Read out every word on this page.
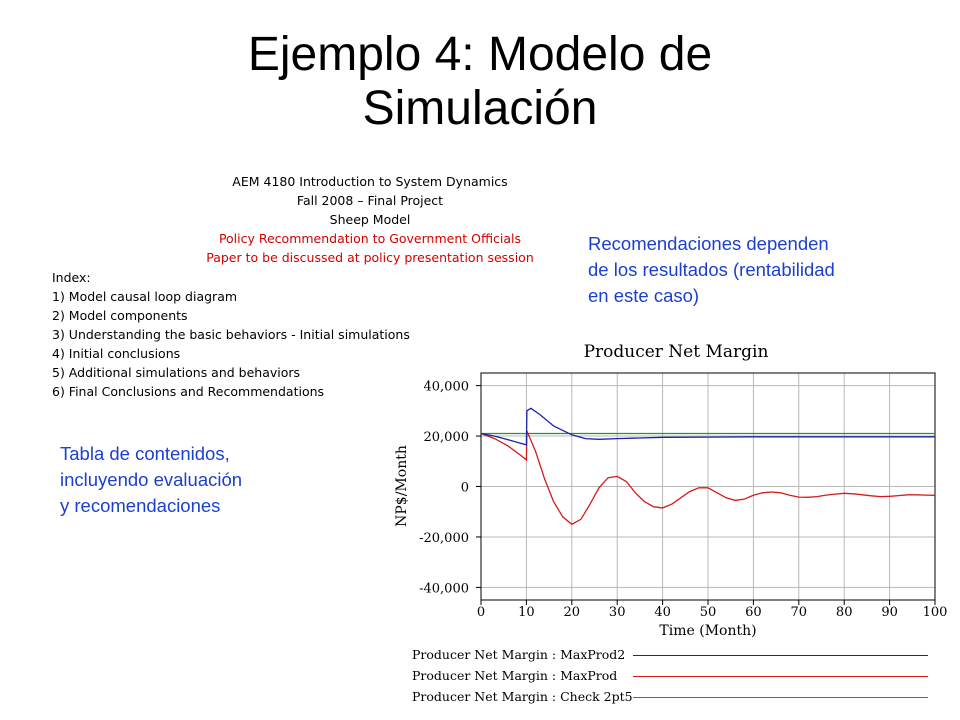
Ejemplo 4: Modelo de
Simulación
AEM 4180 Introduction to System Dynamics
Fall 2008 – Final Project
Sheep Model
Policy Recommendation to Government Officials
Paper to be discussed at policy presentation session
Index:
1) Model causal loop diagram
2) Model components
3) Understanding the basic behaviors - Initial simulations
4) Initial conclusions
5) Additional simulations and behaviors
6) Final Conclusions and Recommendations
Recomendaciones dependen
de los resultados (rentabilidad
en este caso)
Tabla de contenidos,
incluyendo evaluación
y recomendaciones
Producer Net Margin
40,000
20,000
0
-20,000
-40,000
0	10 20 30 40 50 60 70 80 90 100
Time (Month)
NP$/Month
Producer Net Margin : MaxProd2
Producer Net Margin : MaxProd
Producer Net Margin : Check 2pt5
